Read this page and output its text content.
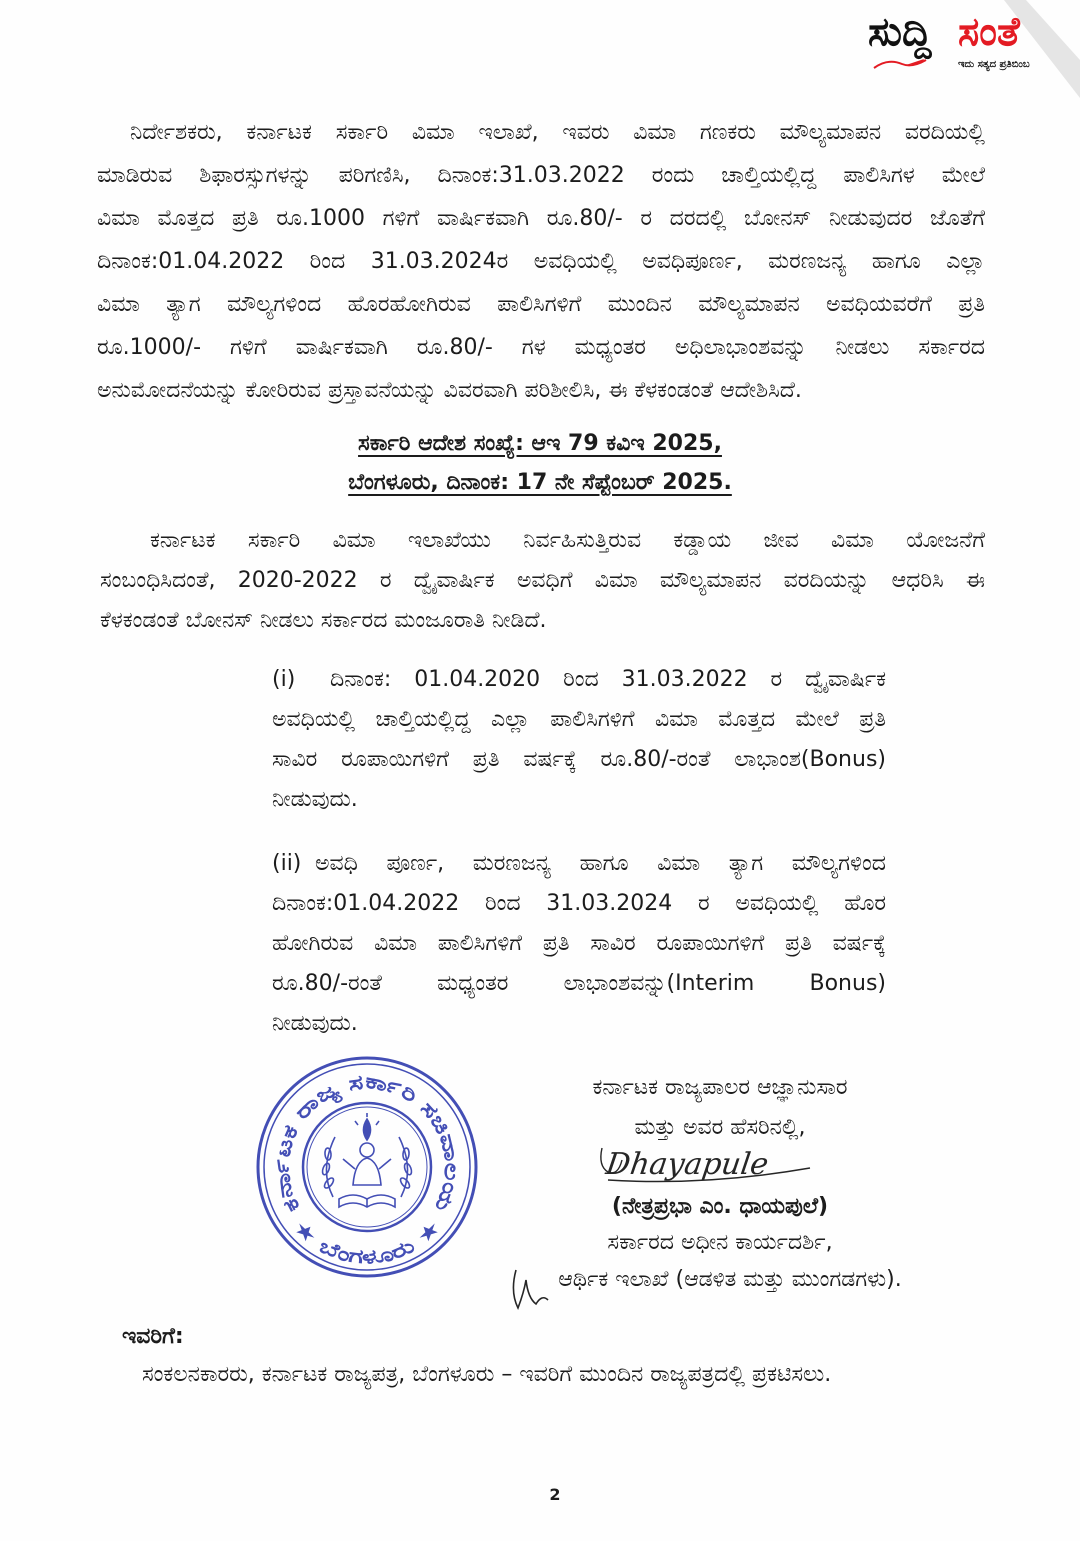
ಸುದ್ದಿ ಸಂತೆ
ಇದು ಸತ್ಯದ ಪ್ರತಿಬಿಂಬ
ನಿರ್ದೇಶಕರು, ಕರ್ನಾಟಕ ಸರ್ಕಾರಿ ವಿಮಾ ಇಲಾಖೆ, ಇವರು ವಿಮಾ ಗಣಕರು ಮೌಲ್ಯಮಾಪನ ವರದಿಯಲ್ಲಿ
ಮಾಡಿರುವ ಶಿಫಾರಸ್ಸುಗಳನ್ನು ಪರಿಗಣಿಸಿ, ದಿನಾಂಕ:31.03.2022 ರಂದು ಚಾಲ್ತಿಯಲ್ಲಿದ್ದ ಪಾಲಿಸಿಗಳ ಮೇಲೆ
ವಿಮಾ ಮೊತ್ತದ ಪ್ರತಿ ರೂ.1000 ಗಳಿಗೆ ವಾರ್ಷಿಕವಾಗಿ ರೂ.80/- ರ ದರದಲ್ಲಿ ಬೋನಸ್ ನೀಡುವುದರ ಜೊತೆಗೆ
ದಿನಾಂಕ:01.04.2022 ರಿಂದ 31.03.2024ರ ಅವಧಿಯಲ್ಲಿ ಅವಧಿಪೂರ್ಣ, ಮರಣಜನ್ಯ ಹಾಗೂ ಎಲ್ಲಾ
ವಿಮಾ ತ್ಯಾಗ ಮೌಲ್ಯಗಳಿಂದ ಹೊರಹೋಗಿರುವ ಪಾಲಿಸಿಗಳಿಗೆ ಮುಂದಿನ ಮೌಲ್ಯಮಾಪನ ಅವಧಿಯವರೆಗೆ ಪ್ರತಿ
ರೂ.1000/- ಗಳಿಗೆ ವಾರ್ಷಿಕವಾಗಿ ರೂ.80/- ಗಳ ಮಧ್ಯಂತರ ಅಧಿಲಾಭಾಂಶವನ್ನು ನೀಡಲು ಸರ್ಕಾರದ
ಅನುಮೋದನೆಯನ್ನು ಕೋರಿರುವ ಪ್ರಸ್ತಾವನೆಯನ್ನು ವಿವರವಾಗಿ ಪರಿಶೀಲಿಸಿ, ಈ ಕೆಳಕಂಡಂತೆ ಆದೇಶಿಸಿದೆ.
ಸರ್ಕಾರಿ ಆದೇಶ ಸಂಖ್ಯೆ: ಆಇ 79 ಕವಿಇ 2025,
ಬೆಂಗಳೂರು, ದಿನಾಂಕ: 17 ನೇ ಸೆಪ್ಟೆಂಬರ್ 2025.
ಕರ್ನಾಟಕ ಸರ್ಕಾರಿ ವಿಮಾ ಇಲಾಖೆಯು ನಿರ್ವಹಿಸುತ್ತಿರುವ ಕಡ್ಡಾಯ ಜೀವ ವಿಮಾ ಯೋಜನೆಗೆ
ಸಂಬಂಧಿಸಿದಂತೆ, 2020-2022 ರ ದ್ವೈವಾರ್ಷಿಕ ಅವಧಿಗೆ ವಿಮಾ ಮೌಲ್ಯಮಾಪನ ವರದಿಯನ್ನು ಆಧರಿಸಿ ಈ
ಕೆಳಕಂಡಂತೆ ಬೋನಸ್ ನೀಡಲು ಸರ್ಕಾರದ ಮಂಜೂರಾತಿ ನೀಡಿದೆ.
(i) ದಿನಾಂಕ: 01.04.2020 ರಿಂದ 31.03.2022 ರ ದ್ವೈವಾರ್ಷಿಕ
ಅವಧಿಯಲ್ಲಿ ಚಾಲ್ತಿಯಲ್ಲಿದ್ದ ಎಲ್ಲಾ ಪಾಲಿಸಿಗಳಿಗೆ ವಿಮಾ ಮೊತ್ತದ ಮೇಲೆ ಪ್ರತಿ
ಸಾವಿರ ರೂಪಾಯಿಗಳಿಗೆ ಪ್ರತಿ ವರ್ಷಕ್ಕೆ ರೂ.80/-ರಂತೆ ಲಾಭಾಂಶ(Bonus)
ನೀಡುವುದು.
(ii) ಅವಧಿ ಪೂರ್ಣ, ಮರಣಜನ್ಯ ಹಾಗೂ ವಿಮಾ ತ್ಯಾಗ ಮೌಲ್ಯಗಳಿಂದ
ದಿನಾಂಕ:01.04.2022 ರಿಂದ 31.03.2024 ರ ಅವಧಿಯಲ್ಲಿ ಹೊರ
ಹೋಗಿರುವ ವಿಮಾ ಪಾಲಿಸಿಗಳಿಗೆ ಪ್ರತಿ ಸಾವಿರ ರೂಪಾಯಿಗಳಿಗೆ ಪ್ರತಿ ವರ್ಷಕ್ಕೆ
ರೂ.80/-ರಂತೆ ಮಧ್ಯಂತರ ಲಾಭಾಂಶವನ್ನು(Interim Bonus)
ನೀಡುವುದು.
ಕರ್ನಾಟಕ ರಾಜ್ಯ ಸರ್ಕಾರಿ ಸಚಿವಾಲಯ
★ ಬೆಂಗಳೂರು ★
ಕರ್ನಾಟಕ ರಾಜ್ಯಪಾಲರ ಆಜ್ಞಾನುಸಾರ
ಮತ್ತು ಅವರ ಹೆಸರಿನಲ್ಲಿ,
Dhayapule
(ನೇತ್ರಪ್ರಭಾ ಎಂ. ಧಾಯಪುಲೆ)
ಸರ್ಕಾರದ ಅಧೀನ ಕಾರ್ಯದರ್ಶಿ,
ಆರ್ಥಿಕ ಇಲಾಖೆ (ಆಡಳಿತ ಮತ್ತು ಮುಂಗಡಗಳು).
ಇವರಿಗೆ:
ಸಂಕಲನಕಾರರು, ಕರ್ನಾಟಕ ರಾಜ್ಯಪತ್ರ, ಬೆಂಗಳೂರು – ಇವರಿಗೆ ಮುಂದಿನ ರಾಜ್ಯಪತ್ರದಲ್ಲಿ ಪ್ರಕಟಿಸಲು.
2
